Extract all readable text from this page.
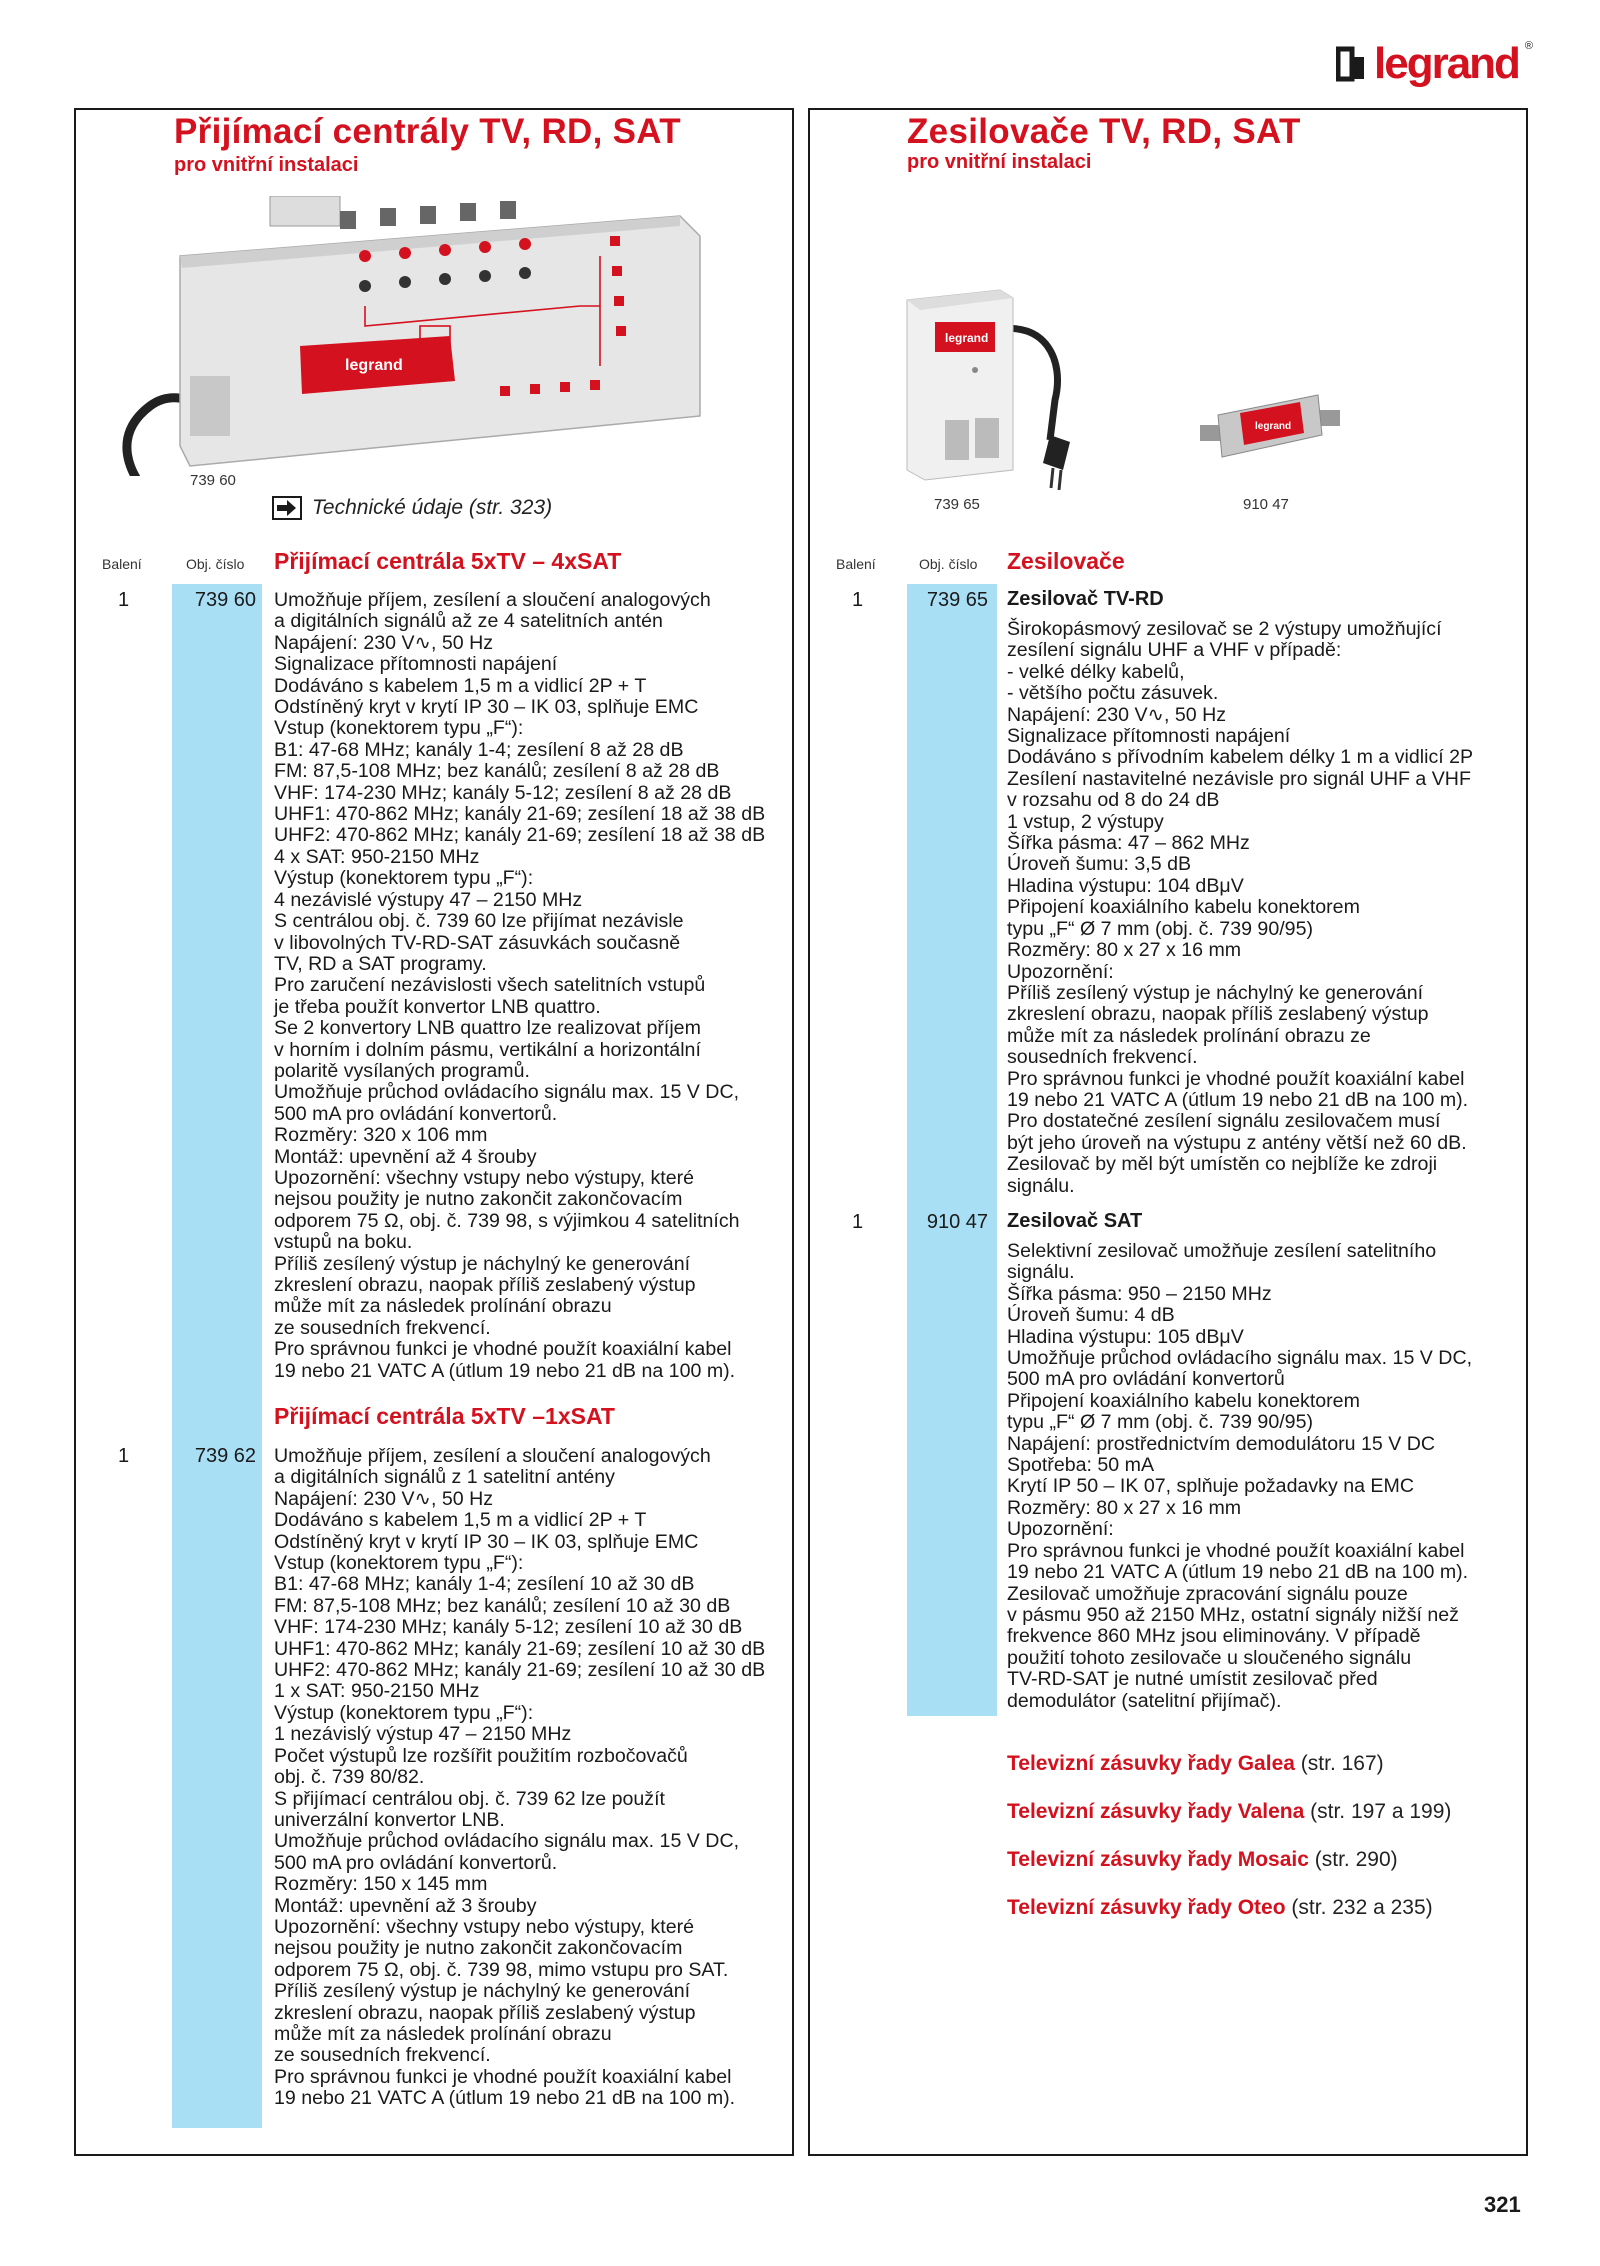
legrand ®
Přijímací centrály TV, RD, SAT
pro vnitřní instalaci
legrand
739 60
Technické údaje (str. 323)
Balení	Obj. číslo Přijímací centrála 5xTV – 4xSAT
1	739 60 Umožňuje příjem, zesílení a sloučení analogových
a digitálních signálů až ze 4 satelitních antén
Napájení: 230 V∿, 50 Hz
Signalizace přítomnosti napájení
Dodáváno s kabelem 1,5 m a vidlicí 2P + T
Odstíněný kryt v krytí IP 30 – IK 03, splňuje EMC
Vstup (konektorem typu „F“):
B1: 47-68 MHz; kanály 1-4; zesílení 8 až 28 dB
FM: 87,5-108 MHz; bez kanálů; zesílení 8 až 28 dB
VHF: 174-230 MHz; kanály 5-12; zesílení 8 až 28 dB
UHF1: 470-862 MHz; kanály 21-69; zesílení 18 až 38 dB
UHF2: 470-862 MHz; kanály 21-69; zesílení 18 až 38 dB
4 x SAT: 950-2150 MHz
Výstup (konektorem typu „F“):
4 nezávislé výstupy 47 – 2150 MHz
S centrálou obj. č. 739 60 lze přijímat nezávisle
v libovolných TV-RD-SAT zásuvkách současně
TV, RD a SAT programy.
Pro zaručení nezávislosti všech satelitních vstupů
je třeba použít konvertor LNB quattro.
Se 2 konvertory LNB quattro lze realizovat příjem
v horním i dolním pásmu, vertikální a horizontální
polaritě vysílaných programů.
Umožňuje průchod ovládacího signálu max. 15 V DC,
500 mA pro ovládání konvertorů.
Rozměry: 320 x 106 mm
Montáž: upevnění až 4 šrouby
Upozornění: všechny vstupy nebo výstupy, které
nejsou použity je nutno zakončit zakončovacím
odporem 75 Ω, obj. č. 739 98, s výjimkou 4 satelitních
vstupů na boku.
Příliš zesílený výstup je náchylný ke generování
zkreslení obrazu, naopak příliš zeslabený výstup
může mít za následek prolínání obrazu
ze sousedních frekvencí.
Pro správnou funkci je vhodné použít koaxiální kabel
19 nebo 21 VATC A (útlum 19 nebo 21 dB na 100 m).
Přijímací centrála 5xTV –1xSAT
1	739 62 Umožňuje příjem, zesílení a sloučení analogových
a digitálních signálů z 1 satelitní antény
Napájení: 230 V∿, 50 Hz
Dodáváno s kabelem 1,5 m a vidlicí 2P + T
Odstíněný kryt v krytí IP 30 – IK 03, splňuje EMC
Vstup (konektorem typu „F“):
B1: 47-68 MHz; kanály 1-4; zesílení 10 až 30 dB
FM: 87,5-108 MHz; bez kanálů; zesílení 10 až 30 dB
VHF: 174-230 MHz; kanály 5-12; zesílení 10 až 30 dB
UHF1: 470-862 MHz; kanály 21-69; zesílení 10 až 30 dB
UHF2: 470-862 MHz; kanály 21-69; zesílení 10 až 30 dB
1 x SAT: 950-2150 MHz
Výstup (konektorem typu „F“):
1 nezávislý výstup 47 – 2150 MHz
Počet výstupů lze rozšířit použitím rozbočovačů
obj. č. 739 80/82.
S přijímací centrálou obj. č. 739 62 lze použít
univerzální konvertor LNB.
Umožňuje průchod ovládacího signálu max. 15 V DC,
500 mA pro ovládání konvertorů.
Rozměry: 150 x 145 mm
Montáž: upevnění až 3 šrouby
Upozornění: všechny vstupy nebo výstupy, které
nejsou použity je nutno zakončit zakončovacím
odporem 75 Ω, obj. č. 739 98, mimo vstupu pro SAT.
Příliš zesílený výstup je náchylný ke generování
zkreslení obrazu, naopak příliš zeslabený výstup
může mít za následek prolínání obrazu
ze sousedních frekvencí.
Pro správnou funkci je vhodné použít koaxiální kabel
19 nebo 21 VATC A (útlum 19 nebo 21 dB na 100 m).
Zesilovače TV, RD, SAT
pro vnitřní instalaci
legrand
legrand
739 65	910 47
Balení	Obj. číslo Zesilovače
1	739 65 Zesilovač TV-RD
Širokopásmový zesilovač se 2 výstupy umožňující
zesílení signálu UHF a VHF v případě:
- velké délky kabelů,
- většího počtu zásuvek.
Napájení: 230 V∿, 50 Hz
Signalizace přítomnosti napájení
Dodáváno s přívodním kabelem délky 1 m a vidlicí 2P
Zesílení nastavitelné nezávisle pro signál UHF a VHF
v rozsahu od 8 do 24 dB
1 vstup, 2 výstupy
Šířka pásma: 47 – 862 MHz
Úroveň šumu: 3,5 dB
Hladina výstupu: 104 dBμV
Připojení koaxiálního kabelu konektorem
typu „F“ Ø 7 mm (obj. č. 739 90/95)
Rozměry: 80 x 27 x 16 mm
Upozornění:
Příliš zesílený výstup je náchylný ke generování
zkreslení obrazu, naopak příliš zeslabený výstup
může mít za následek prolínání obrazu ze
sousedních frekvencí.
Pro správnou funkci je vhodné použít koaxiální kabel
19 nebo 21 VATC A (útlum 19 nebo 21 dB na 100 m).
Pro dostatečné zesílení signálu zesilovačem musí
být jeho úroveň na výstupu z antény větší než 60 dB.
Zesilovač by měl být umístěn co nejblíže ke zdroji
signálu.
1	910 47 Zesilovač SAT
Selektivní zesilovač umožňuje zesílení satelitního
signálu.
Šířka pásma: 950 – 2150 MHz
Úroveň šumu: 4 dB
Hladina výstupu: 105 dBμV
Umožňuje průchod ovládacího signálu max. 15 V DC,
500 mA pro ovládání konvertorů
Připojení koaxiálního kabelu konektorem
typu „F“ Ø 7 mm (obj. č. 739 90/95)
Napájení: prostřednictvím demodulátoru 15 V DC
Spotřeba: 50 mA
Krytí IP 50 – IK 07, splňuje požadavky na EMC
Rozměry: 80 x 27 x 16 mm
Upozornění:
Pro správnou funkci je vhodné použít koaxiální kabel
19 nebo 21 VATC A (útlum 19 nebo 21 dB na 100 m).
Zesilovač umožňuje zpracování signálu pouze
v pásmu 950 až 2150 MHz, ostatní signály nižší než
frekvence 860 MHz jsou eliminovány. V případě
použití tohoto zesilovače u sloučeného signálu
TV-RD-SAT je nutné umístit zesilovač před
demodulátor (satelitní přijímač).
Televizní zásuvky řady Galea (str. 167)
Televizní zásuvky řady Valena (str. 197 a 199)
Televizní zásuvky řady Mosaic (str. 290)
Televizní zásuvky řady Oteo (str. 232 a 235)
321
